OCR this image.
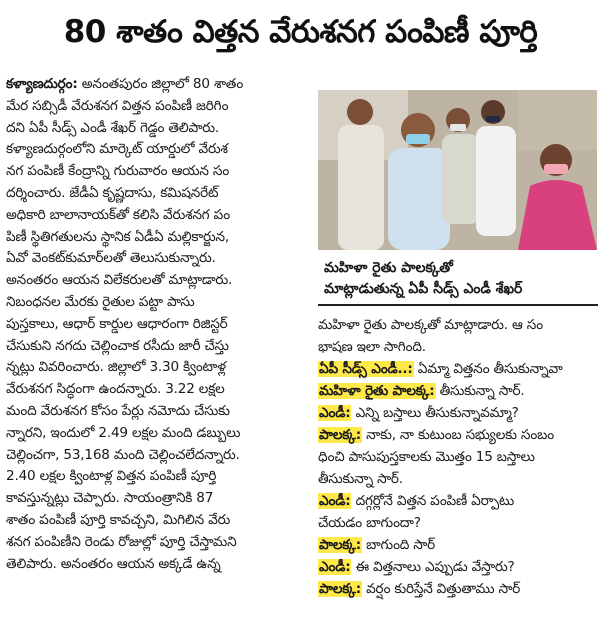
80 శాతం విత్తన వేరుశనగ పంపిణీ పూర్తి
కళ్యాణదుర్గం: అనంతపురం జిల్లాలో 80 శాతం
మేర సబ్సిడీ వేరుశనగ విత్తన పంపిణీ జరిగిం
దని ఏపీ సీడ్స్ ఎండీ శేఖర్ గెడ్డం తెలిపారు.
కళ్యాణదుర్గంలోని మార్కెట్ యార్డులో వేరుశ
నగ పంపిణీ కేంద్రాన్ని గురువారం ఆయన సం
దర్శించారు. జేడీఏ కృష్ణదాసు, కమిషనరేట్
అధికారి బాలానాయక్‌తో కలిసి వేరుశనగ పం
పిణీ స్థితిగతులను స్థానిక ఏడీఏ మల్లికార్జున,
ఏవో వెంకట్‌కుమార్‌లతో తెలుసుకున్నారు.
అనంతరం ఆయన విలేకరులతో మాట్లాడారు.
నిబంధనల మేరకు రైతుల పట్టా పాసు
పుస్తకాలు, ఆధార్ కార్డుల ఆధారంగా రిజిస్టర్
చేసుకుని నగదు చెల్లించాక రసీదు జారీ చేస్తు
న్నట్లు వివరించారు. జిల్లాలో 3.30 క్వింటాళ్ల
వేరుశనగ సిద్ధంగా ఉందన్నారు. 3.22 లక్షల
మంది వేరుశనగ కోసం పేర్లు నమోదు చేసుకు
న్నారని, ఇందులో 2.49 లక్షల మంది డబ్బులు
చెల్లించగా, 53,168 మంది చెల్లించలేదన్నారు.
2.40 లక్షల క్వింటాళ్ల విత్తన పంపిణీ పూర్తి
కావస్తున్నట్లు చెప్పారు. సాయంత్రానికి 87
శాతం పంపిణీ పూర్తి కావచ్చని, మిగిలిన వేరు
శనగ పంపిణీని రెండు రోజుల్లో పూర్తి చేస్తామని
తెలిపారు. అనంతరం ఆయన అక్కడే ఉన్న
మహిళా రైతు పాలక్కతో
మాట్లాడుతున్న ఏపీ సీడ్స్ ఎండీ శేఖర్
మహిళా రైతు పాలక్కతో మాట్లాడారు. ఆ సం
భాషణ ఇలా సాగింది.
ఏపీ సీడ్స్ ఎండీ..: ఏమ్మా విత్తనం తీసుకున్నావా
మహిళా రైతు పాలక్క: తీసుకున్నా సార్.
ఎండీ: ఎన్ని బస్తాలు తీసుకున్నావమ్మా?
పాలక్క: నాకు, నా కుటుంబ సభ్యులకు సంబం
ధించి పాసుపుస్తకాలకు మొత్తం 15 బస్తాలు
తీసుకున్నా సార్.
ఎండీ: దగ్గర్లోనే విత్తన పంపిణీ ఏర్పాటు
చేయడం బాగుందా?
పాలక్క: బాగుంది సార్
ఎండీ: ఈ విత్తనాలు ఎప్పుడు వేస్తారు?
పాలక్క: వర్షం కురిస్తేనే విత్తుతాము సార్
